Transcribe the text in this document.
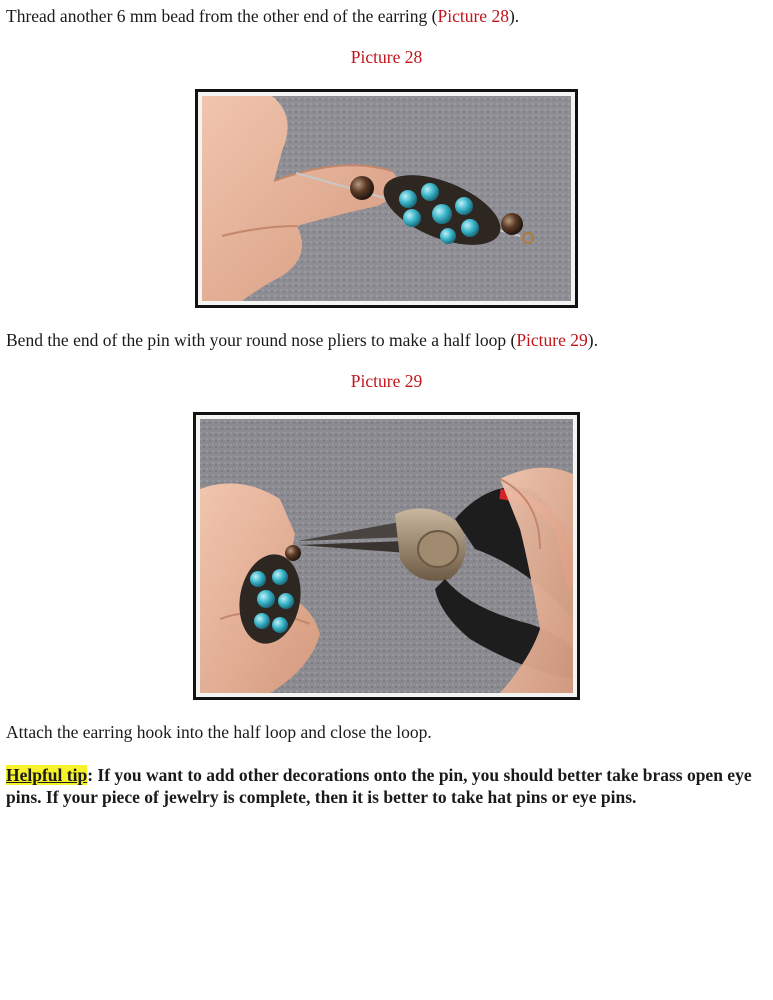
Thread another 6 mm bead from the other end of the earring (Picture 28).

Picture 28

Bend the end of the pin with your round nose pliers to make a half loop (Picture 29).

Picture 29

Attach the earring hook into the half loop and close the loop.

Helpful tip: If you want to add other decorations onto the pin, you should better take brass open eye pins. If your piece of jewelry is complete, then it is better to take hat pins or eye pins.
